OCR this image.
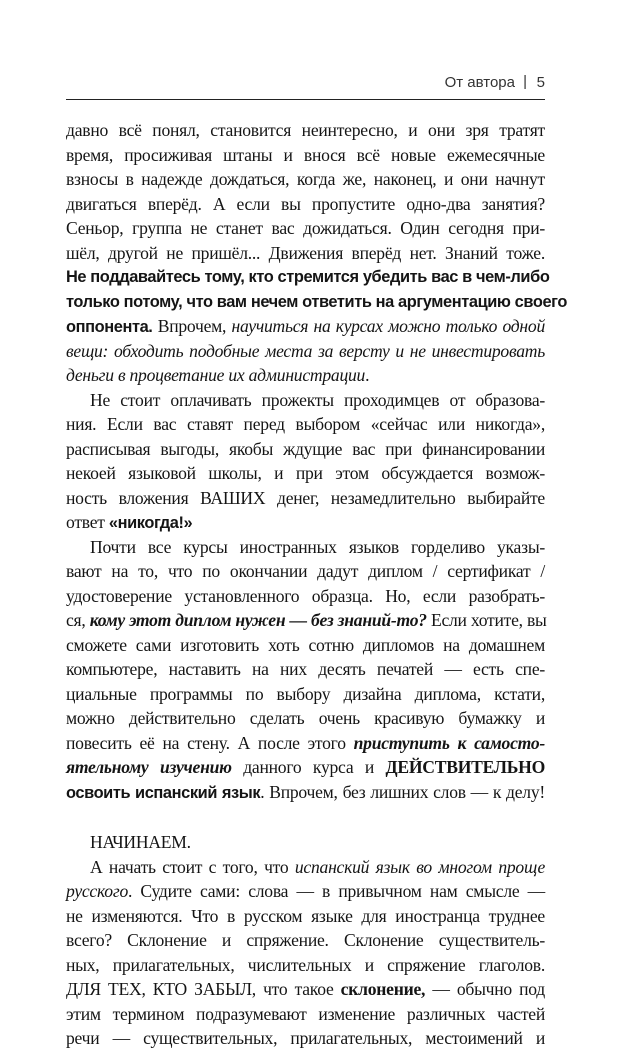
От автора | 5
давно всё понял, становится неинтересно, и они зря тратят
время, просиживая штаны и внося всё новые ежемесячные
взносы в надежде дождаться, когда же, наконец, и они начнут
двигаться вперёд. А если вы пропустите одно-два занятия?
Сеньор, группа не станет вас дожидаться. Один сегодня при-
шёл, другой не пришёл... Движения вперёд нет. Знаний тоже.
Не поддавайтесь тому, кто стремится убедить вас в чем-либо
только потому, что вам нечем ответить на аргументацию своего
оппонента. Впрочем, научиться на курсах можно только одной
вещи: обходить подобные места за версту и не инвестировать
деньги в процветание их администрации.
Не стоит оплачивать прожекты проходимцев от образова-
ния. Если вас ставят перед выбором «сейчас или никогда»,
расписывая выгоды, якобы ждущие вас при финансировании
некоей языковой школы, и при этом обсуждается возмож-
ность вложения ВАШИХ денег, незамедлительно выбирайте
ответ «никогда!»
Почти все курсы иностранных языков горделиво указы-
вают на то, что по окончании дадут диплом / сертификат /
удостоверение установленного образца. Но, если разобрать-
ся, кому этот диплом нужен — без знаний-то? Если хотите, вы
сможете сами изготовить хоть сотню дипломов на домашнем
компьютере, наставить на них десять печатей — есть спе-
циальные программы по выбору дизайна диплома, кстати,
можно действительно сделать очень красивую бумажку и
повесить её на стену. А после этого приступить к самосто-
ятельному изучению данного курса и ДЕЙСТВИТЕЛЬНО
освоить испанский язык. Впрочем, без лишних слов — к делу!
НАЧИНАЕМ.
А начать стоит с того, что испанский язык во многом проще
русского. Судите сами: слова — в привычном нам смысле —
не изменяются. Что в русском языке для иностранца труднее
всего? Склонение и спряжение. Склонение существитель-
ных, прилагательных, числительных и спряжение глаголов.
ДЛЯ ТЕХ, КТО ЗАБЫЛ, что такое склонение, — обычно под
этим термином подразумевают изменение различных частей
речи — существительных, прилагательных, местоимений и
